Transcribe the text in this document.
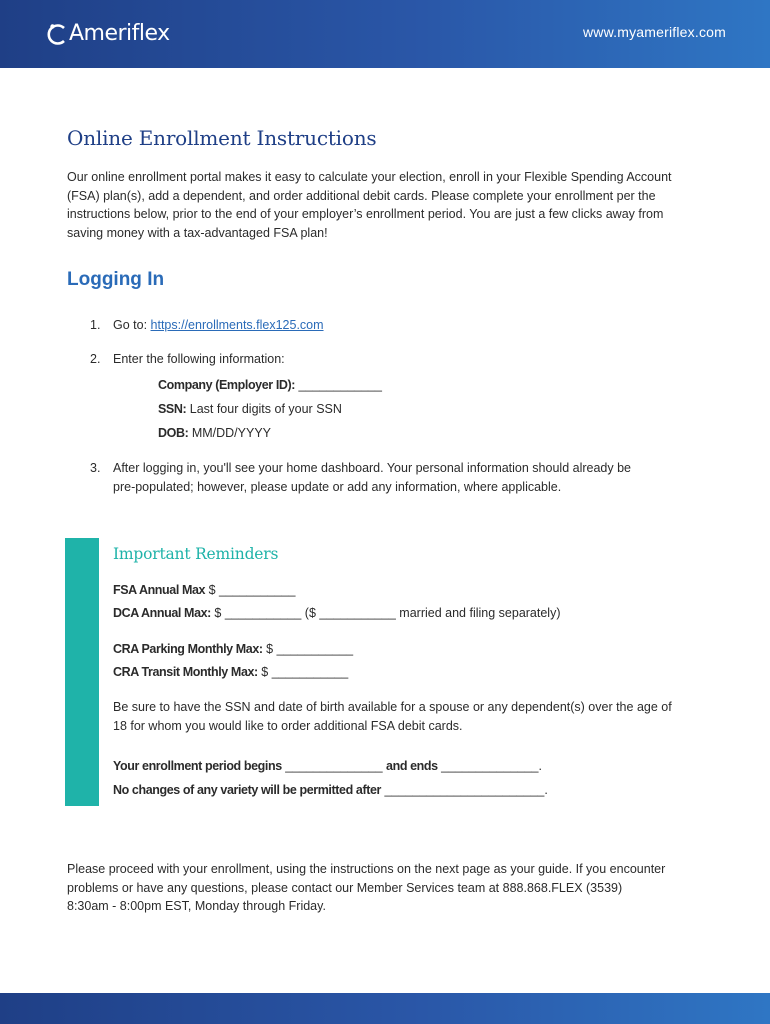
Ameriflex	www.myameriflex.com
Online Enrollment Instructions

Our online enrollment portal makes it easy to calculate your election, enroll in your Flexible Spending Account (FSA) plan(s), add a dependent, and order additional debit cards. Please complete your enrollment per the instructions below, prior to the end of your employer’s enrollment period. You are just a few clicks away from saving money with a tax-advantaged FSA plan!

Logging In
1. Go to: https://enrollments.flex125.com
2. Enter the following information:
Company (Employer ID): ____________
SSN: Last four digits of your SSN
DOB: MM/DD/YYYY
3. After logging in, you'll see your home dashboard. Your personal information should already be pre-populated; however, please update or add any information, where applicable.
Important Reminders
FSA Annual Max $ ___________
DCA Annual Max: $ ___________ ($ ___________ married and filing separately)
CRA Parking Monthly Max: $ ___________
CRA Transit Monthly Max: $ ___________

Be sure to have the SSN and date of birth available for a spouse or any dependent(s) over the age of 18 for whom you would like to order additional FSA debit cards.

Your enrollment period begins ______________ and ends ______________.
No changes of any variety will be permitted after _______________________.

Please proceed with your enrollment, using the instructions on the next page as your guide. If you encounter problems or have any questions, please contact our Member Services team at 888.868.FLEX (3539) 8:30am - 8:00pm EST, Monday through Friday.
